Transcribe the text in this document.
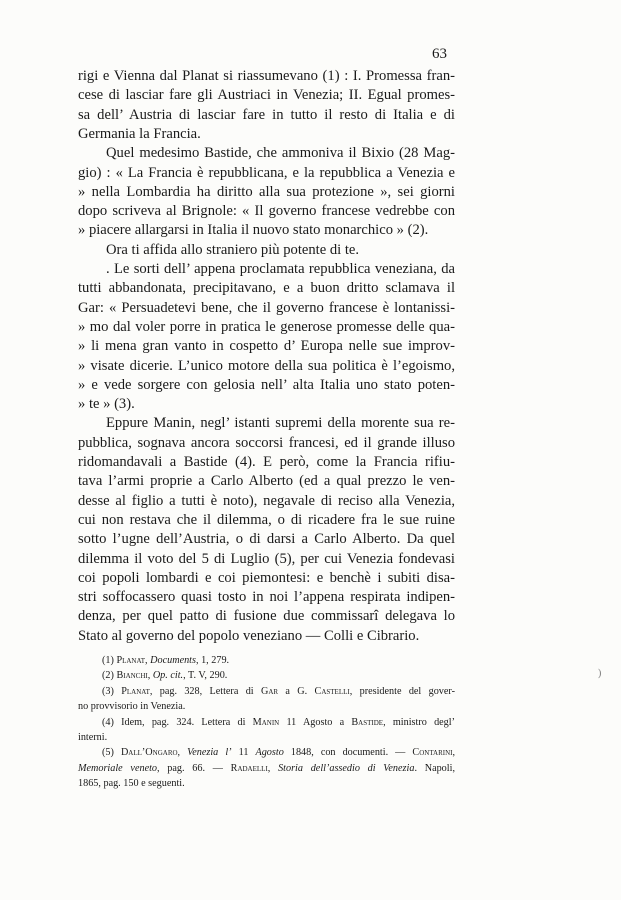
63
rigi e Vienna dal Planat si riassumevano (1) : I. Promessa fran-
cese di lasciar fare gli Austriaci in Venezia; II. Egual promes-
sa dell’ Austria di lasciar fare in tutto il resto di Italia e di
Germania la Francia.
Quel medesimo Bastide, che ammoniva il Bixio (28 Mag-
gio) : « La Francia è repubblicana, e la repubblica a Venezia e
» nella Lombardia ha diritto alla sua protezione », sei giorni
dopo scriveva al Brignole: « Il governo francese vedrebbe con
» piacere allargarsi in Italia il nuovo stato monarchico » (2).
Ora ti affida allo straniero più potente di te.
. Le sorti dell’ appena proclamata repubblica veneziana, da
tutti abbandonata, precipitavano, e a buon dritto sclamava il
Gar: « Persuadetevi bene, che il governo francese è lontanissi-
» mo dal voler porre in pratica le generose promesse delle qua-
» li mena gran vanto in cospetto d’ Europa nelle sue improv-
» visate dicerie. L’unico motore della sua politica è l’egoismo,
» e vede sorgere con gelosia nell’ alta Italia uno stato poten-
» te » (3).
Eppure Manin, negl’ istanti supremi della morente sua re-
pubblica, sognava ancora soccorsi francesi, ed il grande illuso
ridomandavali a Bastide (4). E però, come la Francia rifiu-
tava l’armi proprie a Carlo Alberto (ed a qual prezzo le ven-
desse al figlio a tutti è noto), negavale di reciso alla Venezia,
cui non restava che il dilemma, o di ricadere fra le sue ruine
sotto l’ugne dell’Austria, o di darsi a Carlo Alberto. Da quel
dilemma il voto del 5 di Luglio (5), per cui Venezia fondevasi
coi popoli lombardi e coi piemontesi: e benchè i subiti disa-
stri soffocassero quasi tosto in noi l’appena respirata indipen-
denza, per quel patto di fusione due commissarî delegava lo
Stato al governo del popolo veneziano — Colli e Cibrario.
(1) Planat, Documents, 1, 279.
(2) Bianchi, Op. cit., T. V, 290.
(3) Planat, pag. 328, Lettera di Gar a G. Castelli, presidente del gover-
no provvisorio in Venezia.
(4) Idem, pag. 324. Lettera di Manin 11 Agosto a Bastide, ministro degl’
interni.
(5) Dall’Ongaro, Venezia l’ 11 Agosto 1848, con documenti. — Contarini,
Memoriale veneto, pag. 66. — Radaelli, Storia dell’assedio di Venezia. Napoli,
1865, pag. 150 e seguenti.
)
